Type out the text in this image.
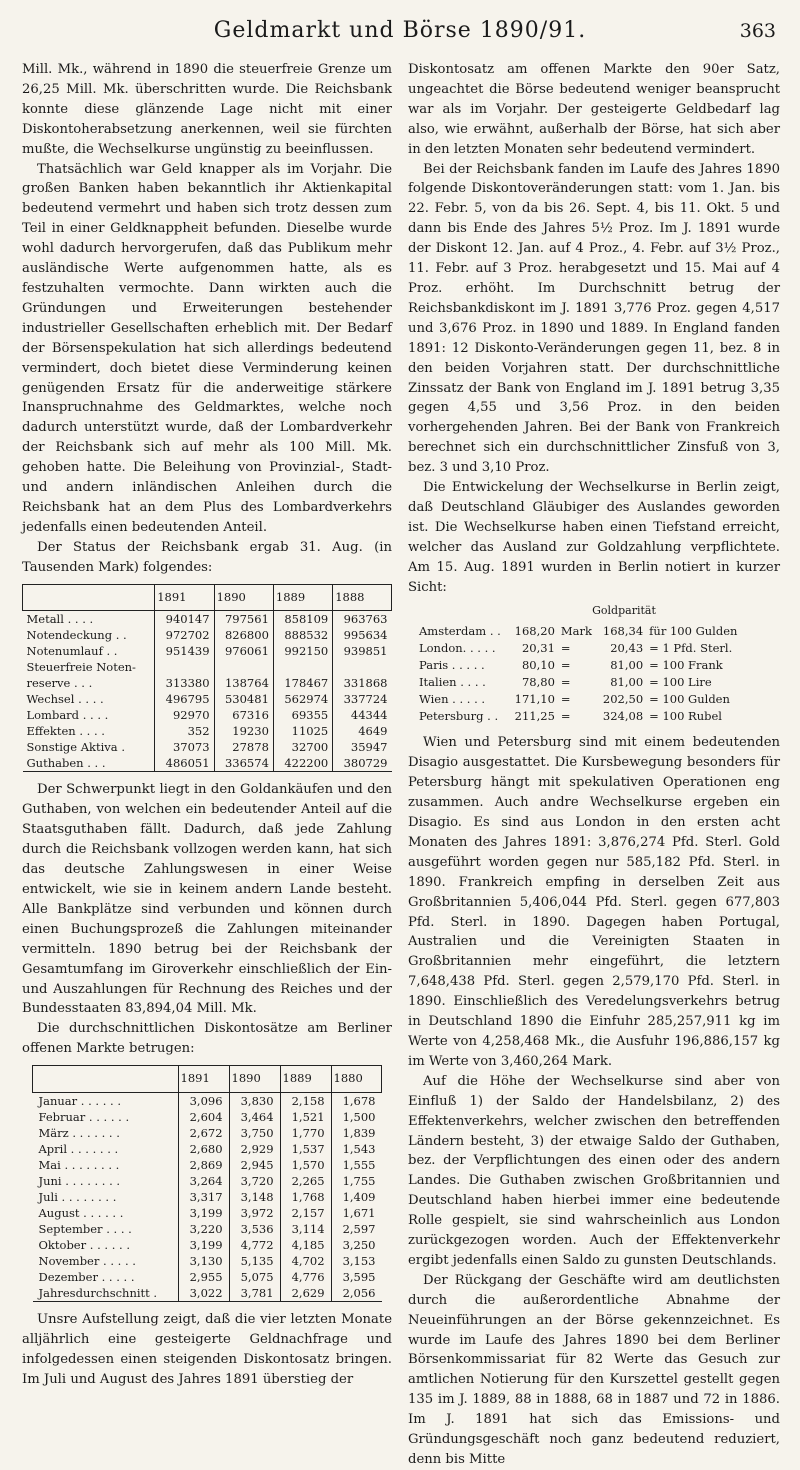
Geldmarkt und Börse 1890/91.	363

Mill. Mk., während in 1890 die steuerfreie Grenze um 26,25 Mill. Mk. überschritten wurde. Die Reichsbank konnte diese glänzende Lage nicht mit einer Diskontoherabsetzung anerkennen, weil sie fürchten mußte, die Wechselkurse ungünstig zu beeinflussen.

Thatsächlich war Geld knapper als im Vorjahr. Die großen Banken haben bekanntlich ihr Aktienkapital bedeutend vermehrt und haben sich trotz dessen zum Teil in einer Geldknappheit befunden. Dieselbe wurde wohl dadurch hervorgerufen, daß das Publikum mehr ausländische Werte aufgenommen hatte, als es festzuhalten vermochte. Dann wirkten auch die Gründungen und Erweiterungen bestehender industrieller Gesellschaften erheblich mit. Der Bedarf der Börsenspekulation hat sich allerdings bedeutend vermindert, doch bietet diese Verminderung keinen genügenden Ersatz für die anderweitige stärkere Inanspruchnahme des Geldmarktes, welche noch dadurch unterstützt wurde, daß der Lombardverkehr der Reichsbank sich auf mehr als 100 Mill. Mk. gehoben hatte. Die Beleihung von Provinzial-, Stadt- und andern inländischen Anleihen durch die Reichsbank hat an dem Plus des Lombardverkehrs jedenfalls einen bedeutenden Anteil.

Der Status der Reichsbank ergab 31. Aug. (in Tausenden Mark) folgendes:

	1891	1890	1889	1888
Metall . . . .	940147	797561	858109	963763
Notendeckung . .	972702	826800	888532	995634
Notenumlauf . .	951439	976061	992150	939851
Steuerfreie Noten-				
reserve . . .	313380	138764	178467	331868
Wechsel . . . .	496795	530481	562974	337724
Lombard . . . .	92970	67316	69355	44344
Effekten . . . .	352	19230	11025	4649
Sonstige Aktiva .	37073	27878	32700	35947
Guthaben . . .	486051	336574	422200	380729

Der Schwerpunkt liegt in den Goldankäufen und den Guthaben, von welchen ein bedeutender Anteil auf die Staatsguthaben fällt. Dadurch, daß jede Zahlung durch die Reichsbank vollzogen werden kann, hat sich das deutsche Zahlungswesen in einer Weise entwickelt, wie sie in keinem andern Lande besteht. Alle Bankplätze sind verbunden und können durch einen Buchungsprozeß die Zahlungen miteinander vermitteln. 1890 betrug bei der Reichsbank der Gesamtumfang im Giroverkehr einschließlich der Ein- und Auszahlungen für Rechnung des Reiches und der Bundesstaaten 83,894,04 Mill. Mk.

Die durchschnittlichen Diskontosätze am Berliner offenen Markte betrugen:

	1891	1890	1889	1880
Januar . . . . . .	3,096	3,830	2,158	1,678
Februar . . . . . .	2,604	3,464	1,521	1,500
März . . . . . . .	2,672	3,750	1,770	1,839
April . . . . . . .	2,680	2,929	1,537	1,543
Mai . . . . . . . .	2,869	2,945	1,570	1,555
Juni . . . . . . . .	3,264	3,720	2,265	1,755
Juli . . . . . . . .	3,317	3,148	1,768	1,409
August . . . . . .	3,199	3,972	2,157	1,671
September . . . .	3,220	3,536	3,114	2,597
Oktober . . . . . .	3,199	4,772	4,185	3,250
November . . . . .	3,130	5,135	4,702	3,153
Dezember . . . . .	2,955	5,075	4,776	3,595
Jahresdurchschnitt .	3,022	3,781	2,629	2,056

Unsre Aufstellung zeigt, daß die vier letzten Monate alljährlich eine gesteigerte Geldnachfrage und infolgedessen einen steigenden Diskontosatz bringen. Im Juli und August des Jahres 1891 überstieg der

Diskontosatz am offenen Markte den 90er Satz, ungeachtet die Börse bedeutend weniger beansprucht war als im Vorjahr. Der gesteigerte Geldbedarf lag also, wie erwähnt, außerhalb der Börse, hat sich aber in den letzten Monaten sehr bedeutend vermindert.

Bei der Reichsbank fanden im Laufe des Jahres 1890 folgende Diskontoveränderungen statt: vom 1. Jan. bis 22. Febr. 5, von da bis 26. Sept. 4, bis 11. Okt. 5 und dann bis Ende des Jahres 5½ Proz. Im J. 1891 wurde der Diskont 12. Jan. auf 4 Proz., 4. Febr. auf 3½ Proz., 11. Febr. auf 3 Proz. herabgesetzt und 15. Mai auf 4 Proz. erhöht. Im Durchschnitt betrug der Reichsbankdiskont im J. 1891 3,776 Proz. gegen 4,517 und 3,676 Proz. in 1890 und 1889. In England fanden 1891: 12 Diskonto-Veränderungen gegen 11, bez. 8 in den beiden Vorjahren statt. Der durchschnittliche Zinssatz der Bank von England im J. 1891 betrug 3,35 gegen 4,55 und 3,56 Proz. in den beiden vorhergehenden Jahren. Bei der Bank von Frankreich berechnet sich ein durchschnittlicher Zinsfuß von 3, bez. 3 und 3,10 Proz.

Die Entwickelung der Wechselkurse in Berlin zeigt, daß Deutschland Gläubiger des Auslandes geworden ist. Die Wechselkurse haben einen Tiefstand erreicht, welcher das Ausland zur Goldzahlung verpflichtete. Am 15. Aug. 1891 wurden in Berlin notiert in kurzer Sicht:

Goldparität
Amsterdam . .	168,20	Mark	168,34	für 100 Gulden
London. . . . .	20,31	=	20,43	= 1 Pfd. Sterl.
Paris . . . . .	80,10	=	81,00	= 100 Frank
Italien . . . .	78,80	=	81,00	= 100 Lire
Wien . . . . .	171,10	=	202,50	= 100 Gulden
Petersburg . .	211,25	=	324,08	= 100 Rubel

Wien und Petersburg sind mit einem bedeutenden Disagio ausgestattet. Die Kursbewegung besonders für Petersburg hängt mit spekulativen Operationen eng zusammen. Auch andre Wechselkurse ergeben ein Disagio. Es sind aus London in den ersten acht Monaten des Jahres 1891: 3,876,274 Pfd. Sterl. Gold ausgeführt worden gegen nur 585,182 Pfd. Sterl. in 1890. Frankreich empfing in derselben Zeit aus Großbritannien 5,406,044 Pfd. Sterl. gegen 677,803 Pfd. Sterl. in 1890. Dagegen haben Portugal, Australien und die Vereinigten Staaten in Großbritannien mehr eingeführt, die letztern 7,648,438 Pfd. Sterl. gegen 2,579,170 Pfd. Sterl. in 1890. Einschließlich des Veredelungsverkehrs betrug in Deutschland 1890 die Einfuhr 285,257,911 kg im Werte von 4,258,468 Mk., die Ausfuhr 196,886,157 kg im Werte von 3,460,264 Mark.

Auf die Höhe der Wechselkurse sind aber von Einfluß 1) der Saldo der Handelsbilanz, 2) des Effektenverkehrs, welcher zwischen den betreffenden Ländern besteht, 3) der etwaige Saldo der Guthaben, bez. der Verpflichtungen des einen oder des andern Landes. Die Guthaben zwischen Großbritannien und Deutschland haben hierbei immer eine bedeutende Rolle gespielt, sie sind wahrscheinlich aus London zurückgezogen worden. Auch der Effektenverkehr ergibt jedenfalls einen Saldo zu gunsten Deutschlands.

Der Rückgang der Geschäfte wird am deutlichsten durch die außerordentliche Abnahme der Neueinführungen an der Börse gekennzeichnet. Es wurde im Laufe des Jahres 1890 bei dem Berliner Börsenkommissariat für 82 Werte das Gesuch zur amtlichen Notierung für den Kurszettel gestellt gegen 135 im J. 1889, 88 in 1888, 68 in 1887 und 72 in 1886. Im J. 1891 hat sich das Emissions- und Gründungsgeschäft noch ganz bedeutend reduziert, denn bis Mitte
